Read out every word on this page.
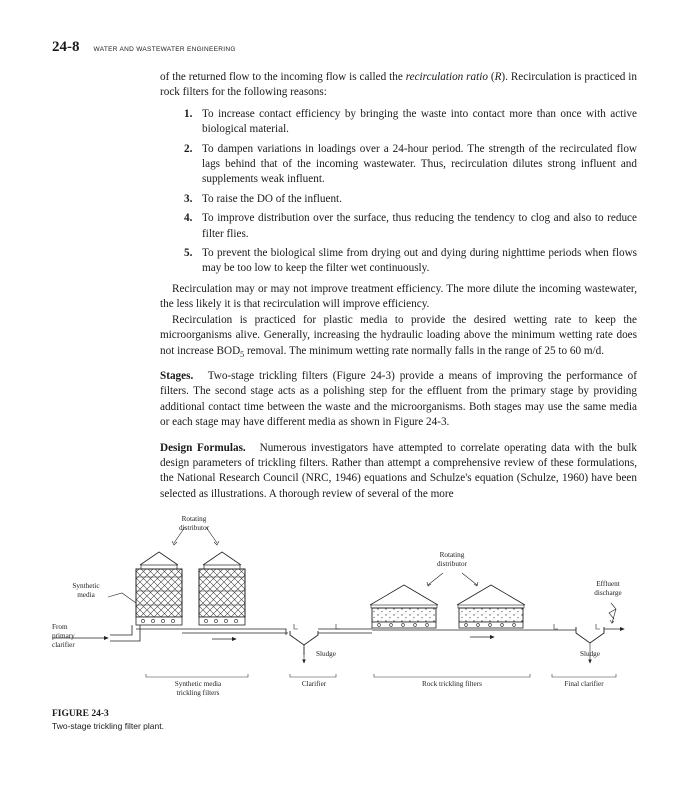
24-8 WATER AND WASTEWATER ENGINEERING

of the returned flow to the incoming flow is called the recirculation ratio (R). Recirculation is practiced in rock filters for the following reasons:

1. To increase contact efficiency by bringing the waste into contact more than once with active biological material.
2. To dampen variations in loadings over a 24-hour period. The strength of the recirculated flow lags behind that of the incoming wastewater. Thus, recirculation dilutes strong influent and supplements weak influent.
3. To raise the DO of the influent.
4. To improve distribution over the surface, thus reducing the tendency to clog and also to reduce filter flies.
5. To prevent the biological slime from drying out and dying during nighttime periods when flows may be too low to keep the filter wet continuously.

Recirculation may or may not improve treatment efficiency. The more dilute the incoming wastewater, the less likely it is that recirculation will improve efficiency.

Recirculation is practiced for plastic media to provide the desired wetting rate to keep the microorganisms alive. Generally, increasing the hydraulic loading above the minimum wetting rate does not increase $BOD_5$ removal. The minimum wetting rate normally falls in the range of 25 to 60 m/d.

Stages. Two-stage trickling filters (Figure 24-3) provide a means of improving the performance of filters. The second stage acts as a polishing step for the effluent from the primary stage by providing additional contact time between the waste and the microorganisms. Both stages may use the same media or each stage may have different media as shown in Figure 24-3.

Design Formulas. Numerous investigators have attempted to correlate operating data with the bulk design parameters of trickling filters. Rather than attempt a comprehensive review of these formulations, the National Research Council (NRC, 1946) equations and Schulze's equation (Schulze, 1960) have been selected as illustrations. A thorough review of several of the more

Rotating
distributor
Rotating
distributor
Synthetic
media
From
primary
clarifier
Sludge	Sludge
Effluent
discharge
Synthetic media
trickling filters
Clarifier	Rock trickling filters	Final clarifier
FIGURE 24-3
Two-stage trickling filter plant.
